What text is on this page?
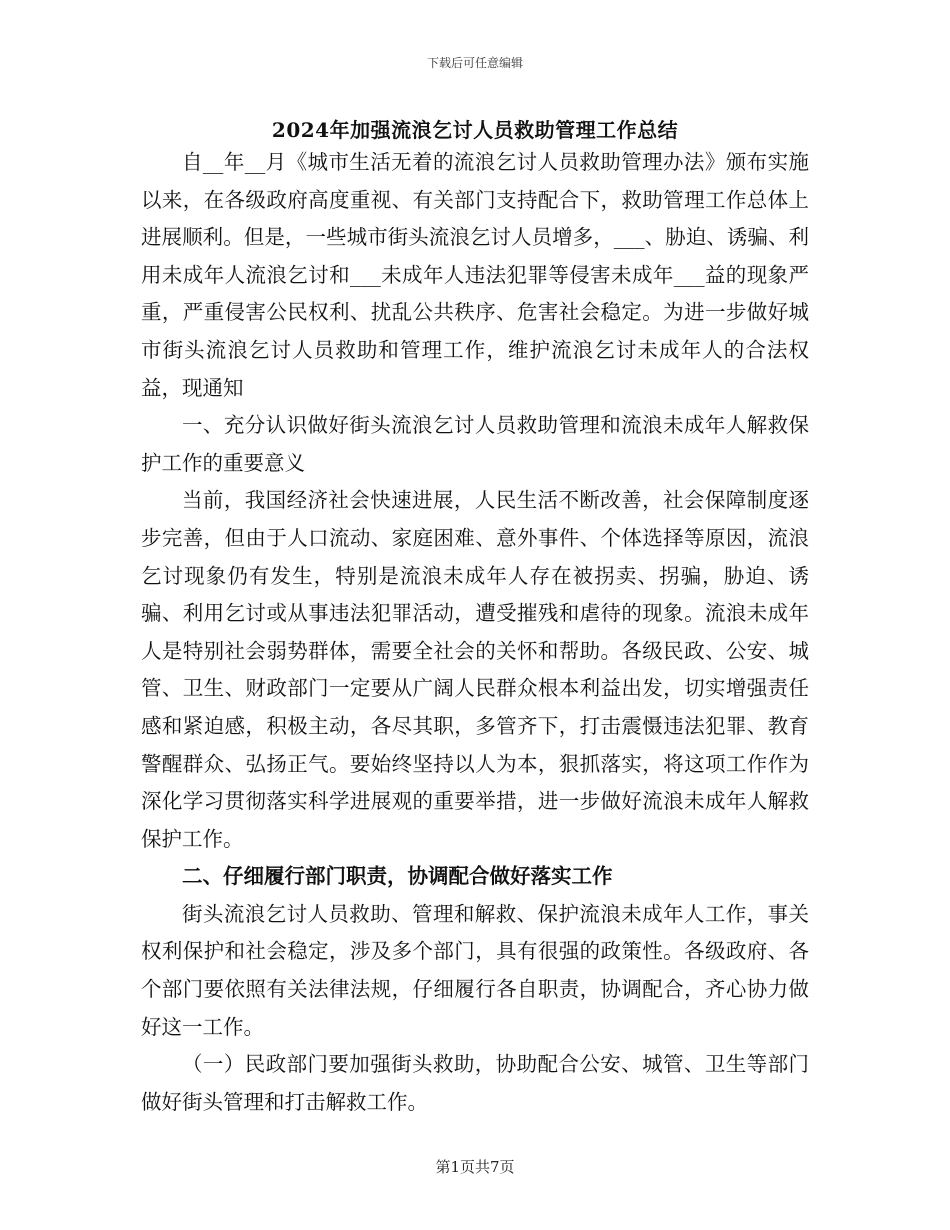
下载后可任意编辑
2024年加强流浪乞讨人员救助管理工作总结

自__年__月《城市生活无着的流浪乞讨人员救助管理办法》颁布实施以来，在各级政府高度重视、有关部门支持配合下，救助管理工作总体上进展顺利。但是，一些城市街头流浪乞讨人员增多，___、胁迫、诱骗、利用未成年人流浪乞讨和___未成年人违法犯罪等侵害未成年___益的现象严重，严重侵害公民权利、扰乱公共秩序、危害社会稳定。为进一步做好城市街头流浪乞讨人员救助和管理工作，维护流浪乞讨未成年人的合法权益，现通知

一、充分认识做好街头流浪乞讨人员救助管理和流浪未成年人解救保护工作的重要意义

当前，我国经济社会快速进展，人民生活不断改善，社会保障制度逐步完善，但由于人口流动、家庭困难、意外事件、个体选择等原因，流浪乞讨现象仍有发生，特别是流浪未成年人存在被拐卖、拐骗，胁迫、诱骗、利用乞讨或从事违法犯罪活动，遭受摧残和虐待的现象。流浪未成年人是特别社会弱势群体，需要全社会的关怀和帮助。各级民政、公安、城管、卫生、财政部门一定要从广阔人民群众根本利益出发，切实增强责任感和紧迫感，积极主动，各尽其职，多管齐下，打击震慑违法犯罪、教育警醒群众、弘扬正气。要始终坚持以人为本，狠抓落实，将这项工作作为深化学习贯彻落实科学进展观的重要举措，进一步做好流浪未成年人解救保护工作。

二、仔细履行部门职责，协调配合做好落实工作

街头流浪乞讨人员救助、管理和解救、保护流浪未成年人工作，事关权利保护和社会稳定，涉及多个部门，具有很强的政策性。各级政府、各个部门要依照有关法律法规，仔细履行各自职责，协调配合，齐心协力做好这一工作。

（一）民政部门要加强街头救助，协助配合公安、城管、卫生等部门做好街头管理和打击解救工作。

第1页共7页
